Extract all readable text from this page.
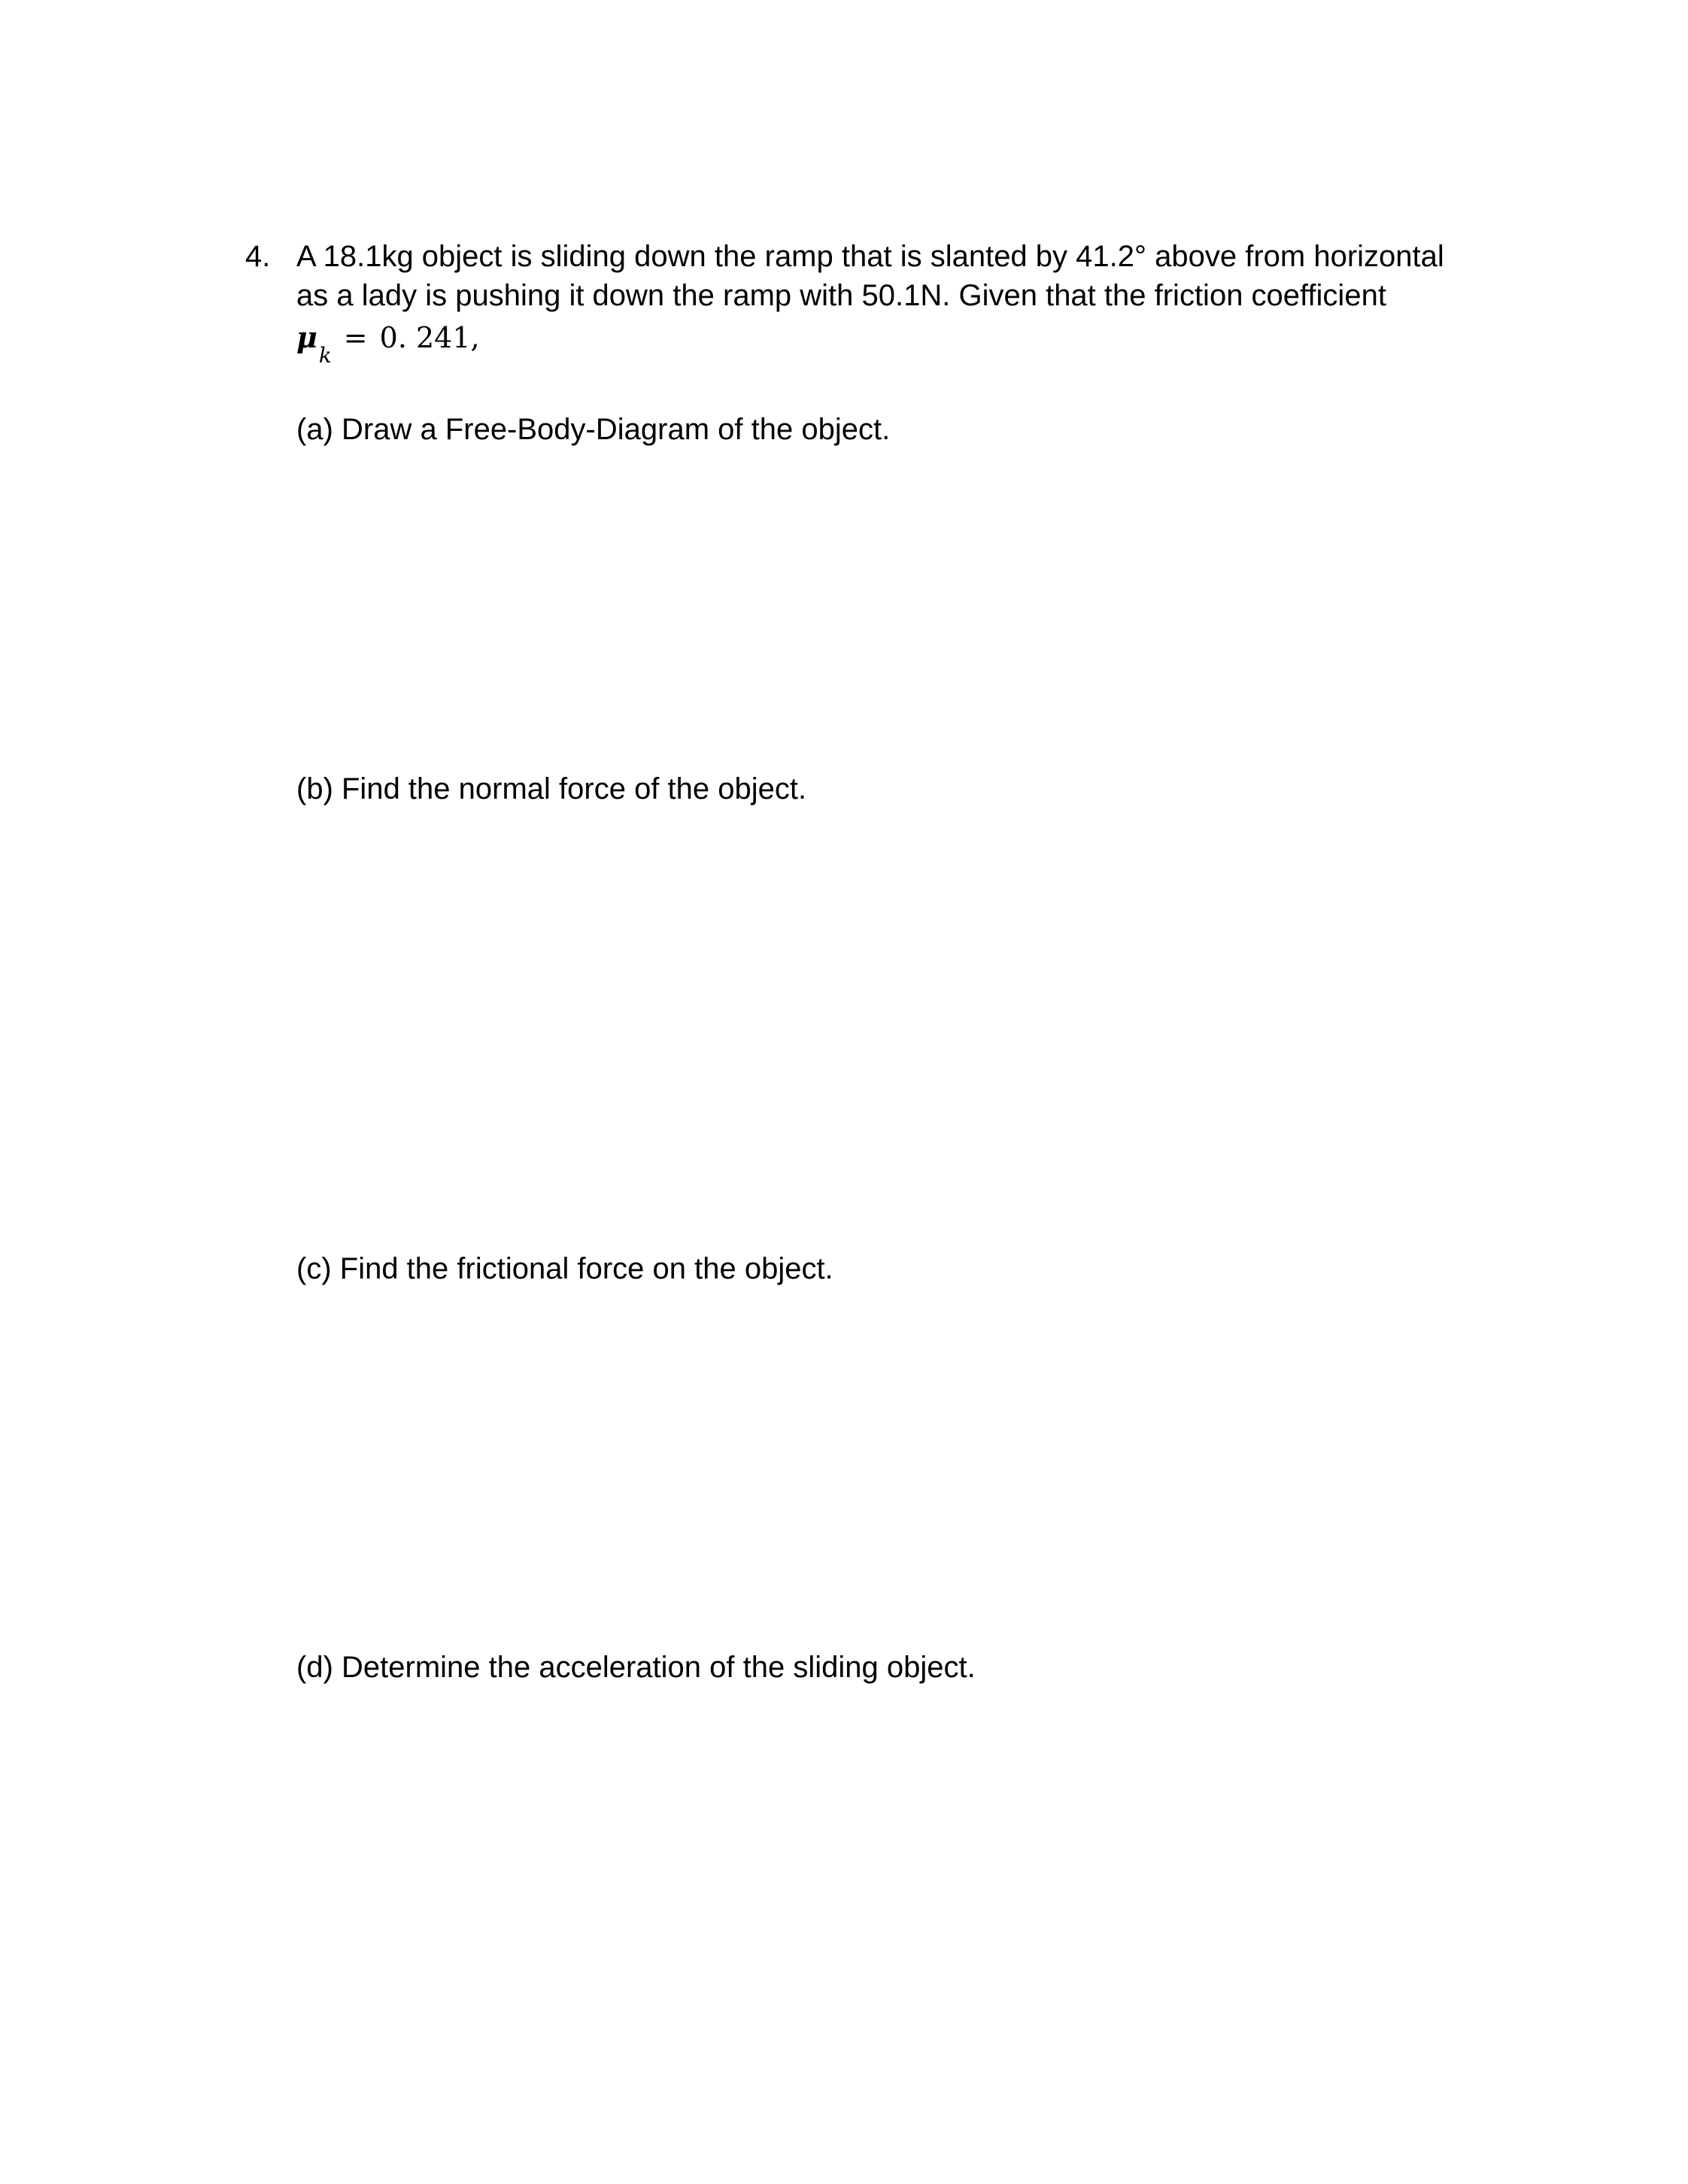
4. A 18.1kg object is sliding down the ramp that is slanted by 41.2° above from horizontal
as a lady is pushing it down the ramp with 50.1N. Given that the friction coefficient
$\mu_k= 0$. 241,
(a) Draw a Free-Body-Diagram of the object.
(b) Find the normal force of the object.
(c) Find the frictional force on the object.
(d) Determine the acceleration of the sliding object.
